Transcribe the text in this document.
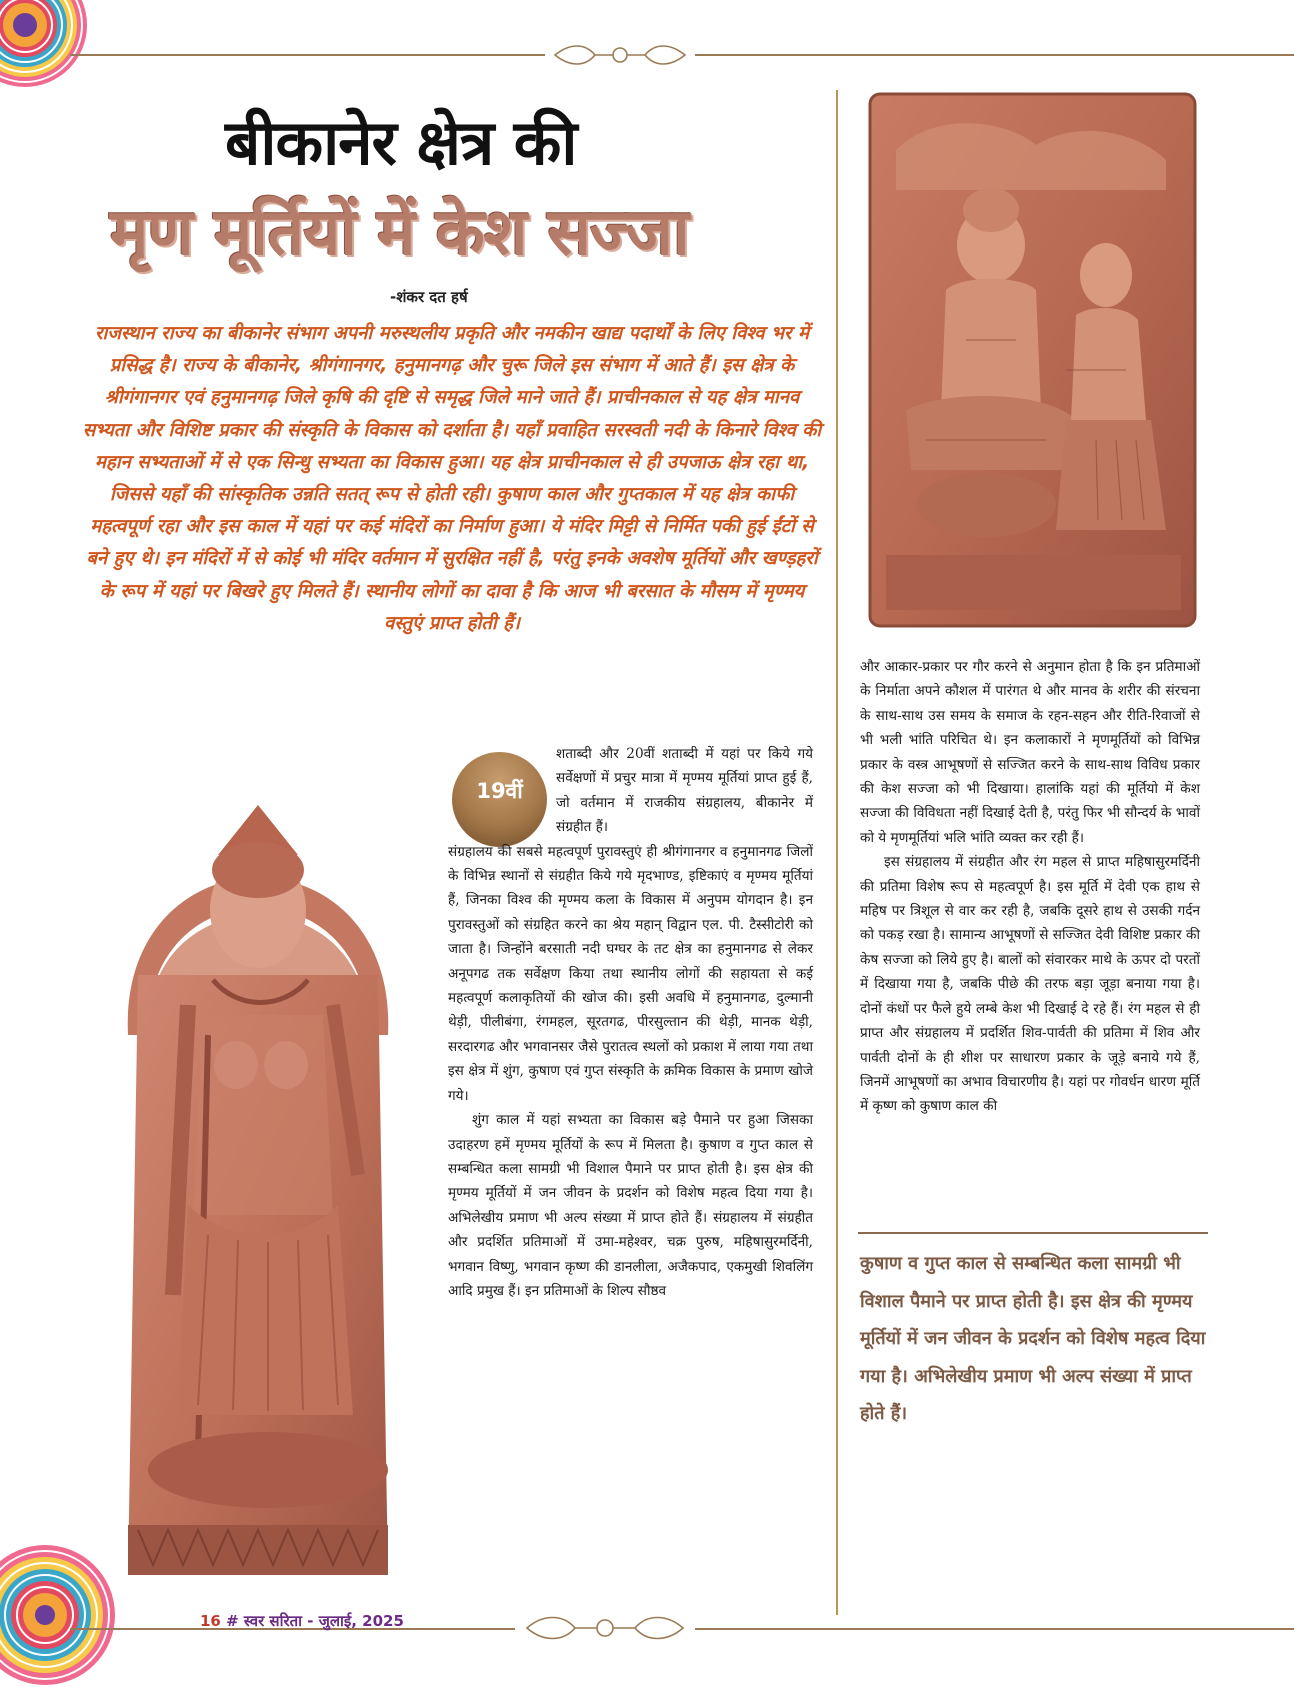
बीकानेर क्षेत्र की
मृण मूर्तियों में केश सज्जा
-शंकर दत हर्ष

राजस्थान राज्य का बीकानेर संभाग अपनी मरुस्थलीय प्रकृति और नमकीन खाद्य पदार्थों के लिए विश्व भर में प्रसिद्ध है। राज्य के बीकानेर, श्रीगंगानगर, हनुमानगढ़ और चुरू जिले इस संभाग में आते हैं। इस क्षेत्र के श्रीगंगानगर एवं हनुमानगढ़ जिले कृषि की दृष्टि से समृद्ध जिले माने जाते हैं। प्राचीनकाल से यह क्षेत्र मानव सभ्यता और विशिष्ट प्रकार की संस्कृति के विकास को दर्शाता है। यहाँ प्रवाहित सरस्वती नदी के किनारे विश्व की महान सभ्यताओं में से एक सिन्धु सभ्यता का विकास हुआ। यह क्षेत्र प्राचीनकाल से ही उपजाऊ क्षेत्र रहा था, जिससे यहाँ की सांस्कृतिक उन्नति सतत् रूप से होती रही। कुषाण काल और गुप्तकाल में यह क्षेत्र काफी महत्वपूर्ण रहा और इस काल में यहां पर कई मंदिरों का निर्माण हुआ। ये मंदिर मिट्टी से निर्मित पकी हुई ईंटों से बने हुए थे। इन मंदिरों में से कोई भी मंदिर वर्तमान में सुरक्षित नहीं है, परंतु इनके अवशेष मूर्तियों और खण्ड़हरों के रूप में यहां पर बिखरे हुए मिलते हैं। स्थानीय लोगों का दावा है कि आज भी बरसात के मौसम में मृण्मय वस्तुएं प्राप्त होती हैं।

19वीं

शताब्दी और 20वीं शताब्दी में यहां पर किये गये सर्वेक्षणों में प्रचुर मात्रा में मृण्मय मूर्तियां प्राप्त हुई हैं, जो वर्तमान में राजकीय संग्रहालय, बीकानेर में संग्रहीत हैं।

संग्रहालय की सबसे महत्वपूर्ण पुरावस्तुएं ही श्रीगंगानगर व हनुमानगढ जिलों के विभिन्न स्थानों से संग्रहीत किये गये मृदभाण्ड, इष्टिकाएं व मृण्मय मूर्तियां हैं, जिनका विश्व की मृण्मय कला के विकास में अनुपम योगदान है। इन पुरावस्तुओं को संग्रहित करने का श्रेय महान् विद्वान एल. पी. टैस्सीटोरी को जाता है। जिन्होंने बरसाती नदी घग्घर के तट क्षेत्र का हनुमानगढ से लेकर अनूपगढ तक सर्वेक्षण किया तथा स्थानीय लोगों की सहायता से कई महत्वपूर्ण कलाकृतियों की खोज की। इसी अवधि में हनुमानगढ, दुल्मानी थेड़ी, पीलीबंगा, रंगमहल, सूरतगढ, पीरसुल्तान की थेड़ी, मानक थेड़ी, सरदारगढ और भगवानसर जैसे पुरातत्व स्थलों को प्रकाश में लाया गया तथा इस क्षेत्र में शुंग, कुषाण एवं गुप्त संस्कृति के क्रमिक विकास के प्रमाण खोजे गये।

शुंग काल में यहां सभ्यता का विकास बड़े पैमाने पर हुआ जिसका उदाहरण हमें मृण्मय मूर्तियों के रूप में मिलता है। कुषाण व गुप्त काल से सम्बन्धित कला सामग्री भी विशाल पैमाने पर प्राप्त होती है। इस क्षेत्र की मृण्मय मूर्तियों में जन जीवन के प्रदर्शन को विशेष महत्व दिया गया है। अभिलेखीय प्रमाण भी अल्प संख्या में प्राप्त होते हैं। संग्रहालय में संग्रहीत और प्रदर्शित प्रतिमाओं में उमा-महेश्वर, चक्र पुरुष, महिषासुरमर्दिनी, भगवान विष्णु, भगवान कृष्ण की डानलीला, अजैकपाद, एकमुखी शिवलिंग आदि प्रमुख हैं। इन प्रतिमाओं के शिल्प सौष्ठव

और आकार-प्रकार पर गौर करने से अनुमान होता है कि इन प्रतिमाओं के निर्माता अपने कौशल में पारंगत थे और मानव के शरीर की संरचना के साथ-साथ उस समय के समाज के रहन-सहन और रीति-रिवाजों से भी भली भांति परिचित थे। इन कलाकारों ने मृणमूर्तियों को विभिन्न प्रकार के वस्त्र आभूषणों से सज्जित करने के साथ-साथ विविध प्रकार की केश सज्जा को भी दिखाया। हालांकि यहां की मूर्तियो में केश सज्जा की विविधता नहीं दिखाई देती है, परंतु फिर भी सौन्दर्य के भावों को ये मृणमूर्तियां भलि भांति व्यक्त कर रही हैं।

इस संग्रहालय में संग्रहीत और रंग महल से प्राप्त महिषासुरमर्दिनी की प्रतिमा विशेष रूप से महत्वपूर्ण है। इस मूर्ति में देवी एक हाथ से महिष पर त्रिशूल से वार कर रही है, जबकि दूसरे हाथ से उसकी गर्दन को पकड़ रखा है। सामान्य आभूषणों से सज्जित देवी विशिष्ट प्रकार की केष सज्जा को लिये हुए है। बालों को संवारकर माथे के ऊपर दो परतों में दिखाया गया है, जबकि पीछे की तरफ बड़ा जूड़ा बनाया गया है। दोनों कंधों पर फैले हुये लम्बे केश भी दिखाई दे रहे हैं। रंग महल से ही प्राप्त और संग्रहालय में प्रदर्शित शिव-पार्वती की प्रतिमा में शिव और पार्वती दोनों के ही शीश पर साधारण प्रकार के जूड़े बनाये गये हैं, जिनमें आभूषणों का अभाव विचारणीय है। यहां पर गोवर्धन धारण मूर्ति में कृष्ण को कुषाण काल की

कुषाण व गुप्त काल से सम्बन्धित कला सामग्री भी विशाल पैमाने पर प्राप्त होती है। इस क्षेत्र की मृण्मय मूर्तियों में जन जीवन के प्रदर्शन को विशेष महत्व दिया गया है। अभिलेखीय प्रमाण भी अल्प संख्या में प्राप्त होते हैं।

16 # स्वर सरिता - जुलाई, 2025
